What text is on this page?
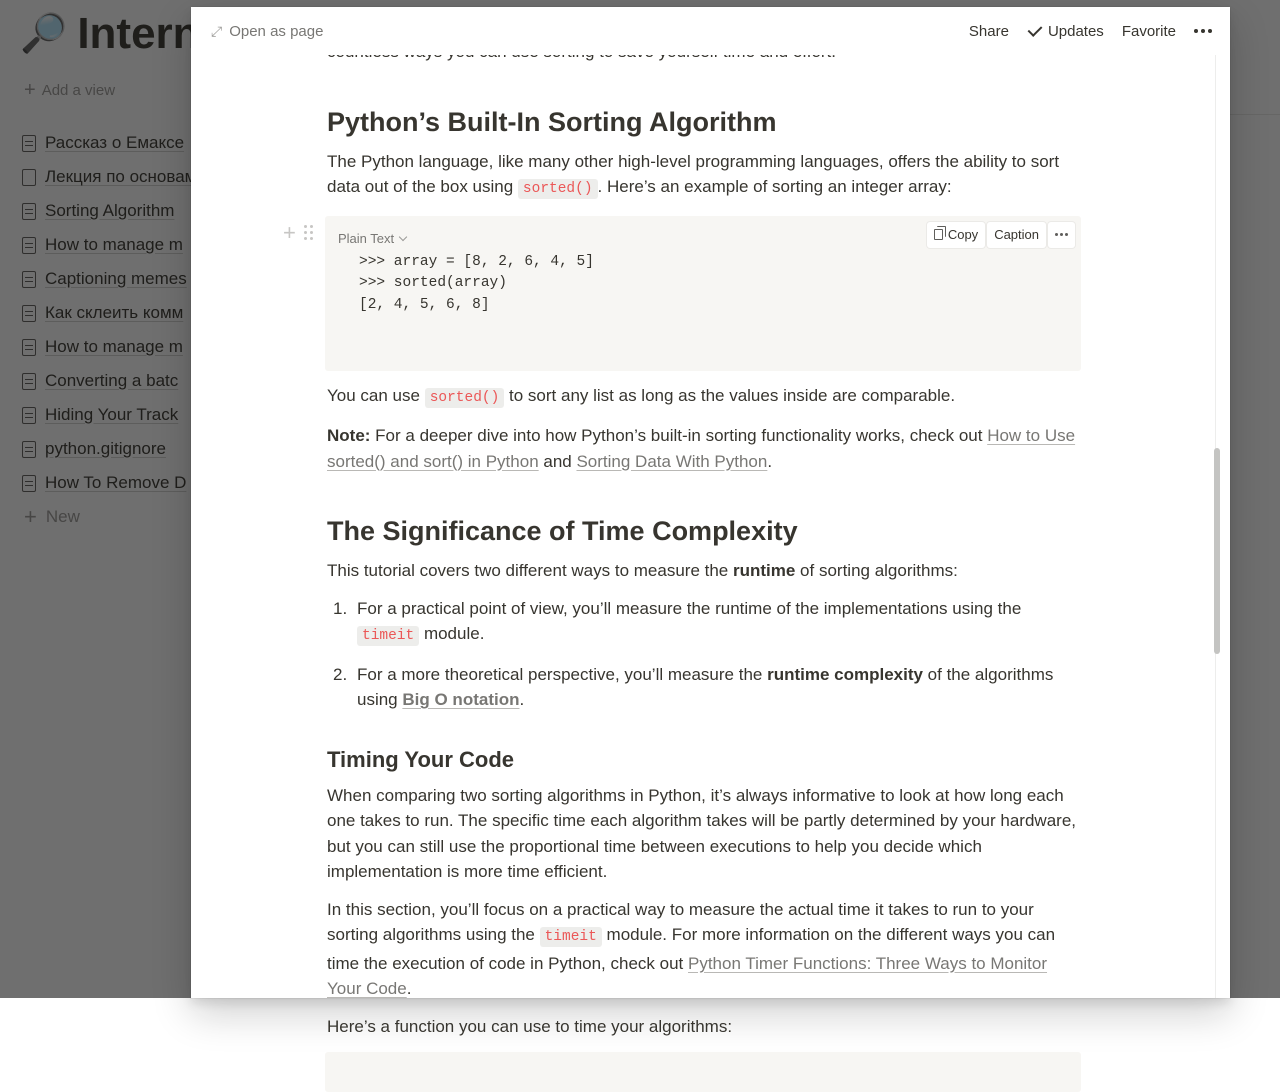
⤢ Open as page	Share	Updates Favorite

Python’s Built-In Sorting Algorithm

The Python language, like many other high-level programming languages, offers the ability to sort data out of the box using sorted() . Here’s an example of sorting an integer array:

+	Plain Text	Copy	Caption
>>> array = [8, 2, 6, 4, 5]
>>> sorted(array)
[2, 4, 5, 6, 8]

You can use sorted() to sort any list as long as the values inside are comparable.

Note: For a deeper dive into how Python’s built-in sorting functionality works, check out How to Use sorted() and sort() in Python and Sorting Data With Python.

The Significance of Time Complexity

This tutorial covers two different ways to measure the runtime of sorting algorithms:

1. For a practical point of view, you’ll measure the runtime of the implementations using the timeit module.
2. For a more theoretical perspective, you’ll measure the runtime complexity of the algorithms using Big O notation.
Timing Your Code

When comparing two sorting algorithms in Python, it’s always informative to look at how long each one takes to run. The specific time each algorithm takes will be partly determined by your hardware, but you can still use the proportional time between executions to help you decide which implementation is more time efficient.

In this section, you’ll focus on a practical way to measure the actual time it takes to run to your sorting algorithms using the timeit module. For more information on the different ways you can time the execution of code in Python, check out Python Timer Functions: Three Ways to Monitor Your Code.

Here’s a function you can use to time your algorithms:
